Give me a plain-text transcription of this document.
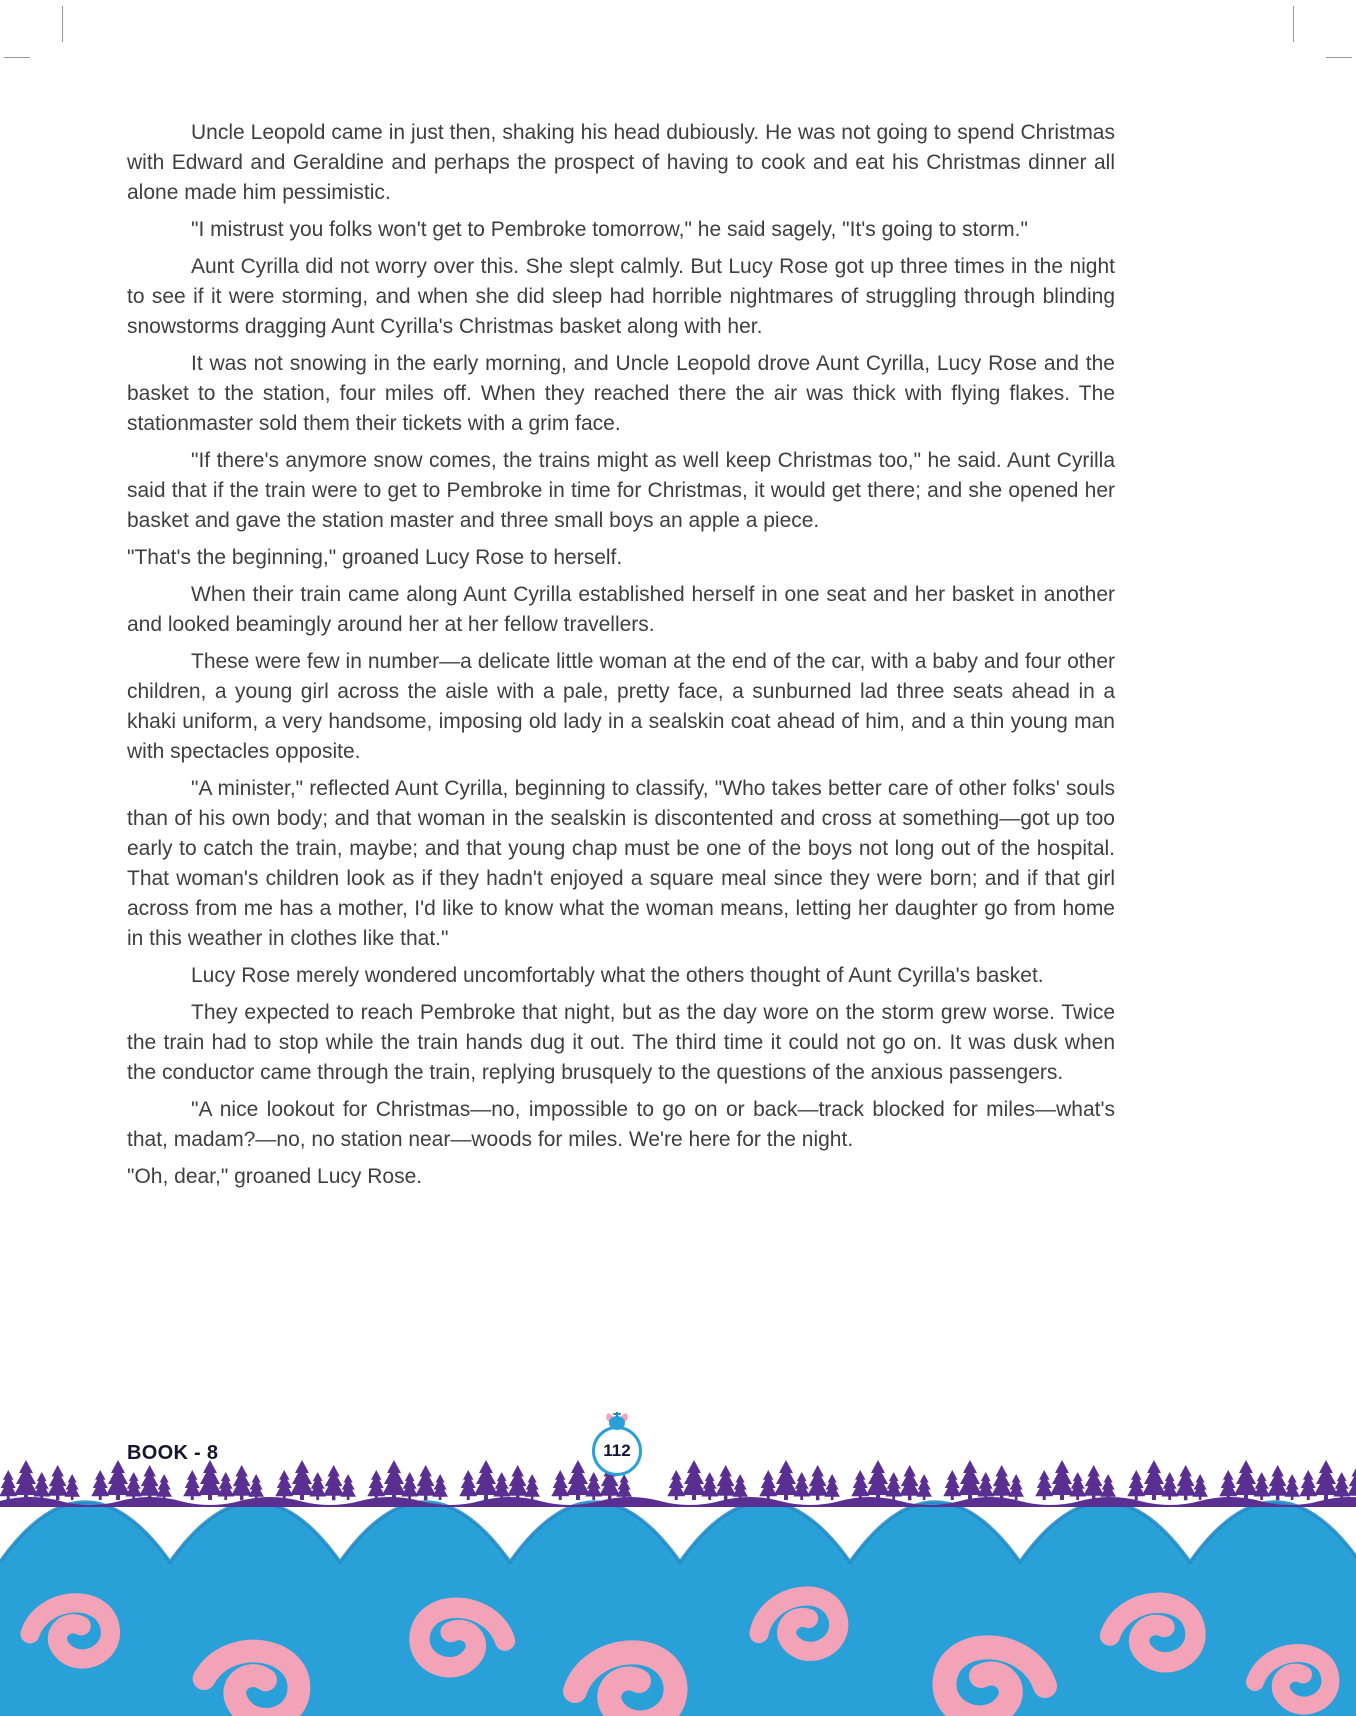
Uncle Leopold came in just then, shaking his head dubiously. He was not going to spend Christmas with Edward and Geraldine and perhaps the prospect of having to cook and eat his Christmas dinner all alone made him pessimistic.

"I mistrust you folks won't get to Pembroke tomorrow," he said sagely, "It's going to storm."

Aunt Cyrilla did not worry over this. She slept calmly. But Lucy Rose got up three times in the night to see if it were storming, and when she did sleep had horrible nightmares of struggling through blinding snowstorms dragging Aunt Cyrilla's Christmas basket along with her.

It was not snowing in the early morning, and Uncle Leopold drove Aunt Cyrilla, Lucy Rose and the basket to the station, four miles off. When they reached there the air was thick with flying flakes. The stationmaster sold them their tickets with a grim face.

"If there's anymore snow comes, the trains might as well keep Christmas too," he said. Aunt Cyrilla said that if the train were to get to Pembroke in time for Christmas, it would get there; and she opened her basket and gave the station master and three small boys an apple a piece.

"That's the beginning," groaned Lucy Rose to herself.

When their train came along Aunt Cyrilla established herself in one seat and her basket in another and looked beamingly around her at her fellow travellers.

These were few in number—a delicate little woman at the end of the car, with a baby and four other children, a young girl across the aisle with a pale, pretty face, a sunburned lad three seats ahead in a khaki uniform, a very handsome, imposing old lady in a sealskin coat ahead of him, and a thin young man with spectacles opposite.

"A minister," reflected Aunt Cyrilla, beginning to classify, "Who takes better care of other folks' souls than of his own body; and that woman in the sealskin is discontented and cross at something—got up too early to catch the train, maybe; and that young chap must be one of the boys not long out of the hospital. That woman's children look as if they hadn't enjoyed a square meal since they were born; and if that girl across from me has a mother, I'd like to know what the woman means, letting her daughter go from home in this weather in clothes like that."

Lucy Rose merely wondered uncomfortably what the others thought of Aunt Cyrilla's basket.

They expected to reach Pembroke that night, but as the day wore on the storm grew worse. Twice the train had to stop while the train hands dug it out. The third time it could not go on. It was dusk when the conductor came through the train, replying brusquely to the questions of the anxious passengers.

"A nice lookout for Christmas—no, impossible to go on or back—track blocked for miles—what's that, madam?—no, no station near—woods for miles. We're here for the night.

"Oh, dear," groaned Lucy Rose.

BOOK - 8	112
